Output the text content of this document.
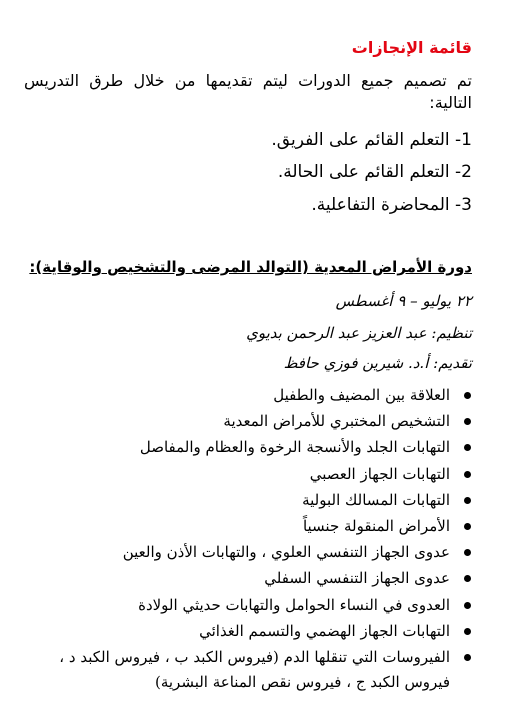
قائمة الإنجازات
تم تصميم جميع الدورات ليتم تقديمها من خلال طرق التدريس التالية:
1- التعلم القائم على الفريق.
2- التعلم القائم على الحالة.
3- المحاضرة التفاعلية.
دورة الأمراض المعدية (التوالد المرضى والتشخيص والوقاية):
٢٢ يوليو – ٩ أغسطس
تنظيم: عبد العزيز عبد الرحمن بديوي
تقديم: أ.د. شيرين فوزي حافظ
العلاقة بين المضيف والطفيل
التشخيص المختبري للأمراض المعدية
التهابات الجلد والأنسجة الرخوة والعظام والمفاصل
التهابات الجهاز العصبي
التهابات المسالك البولية
الأمراض المنقولة جنسياً
عدوى الجهاز التنفسي العلوي ، والتهابات الأذن والعين
عدوى الجهاز التنفسي السفلي
العدوى في النساء الحوامل والتهابات حديثي الولادة
التهابات الجهاز الهضمي والتسمم الغذائي
الفيروسات التي تنقلها الدم (فيروس الكبد ب ، فيروس الكبد د ، فيروس الكبد ج ، فيروس نقص المناعة البشرية)
